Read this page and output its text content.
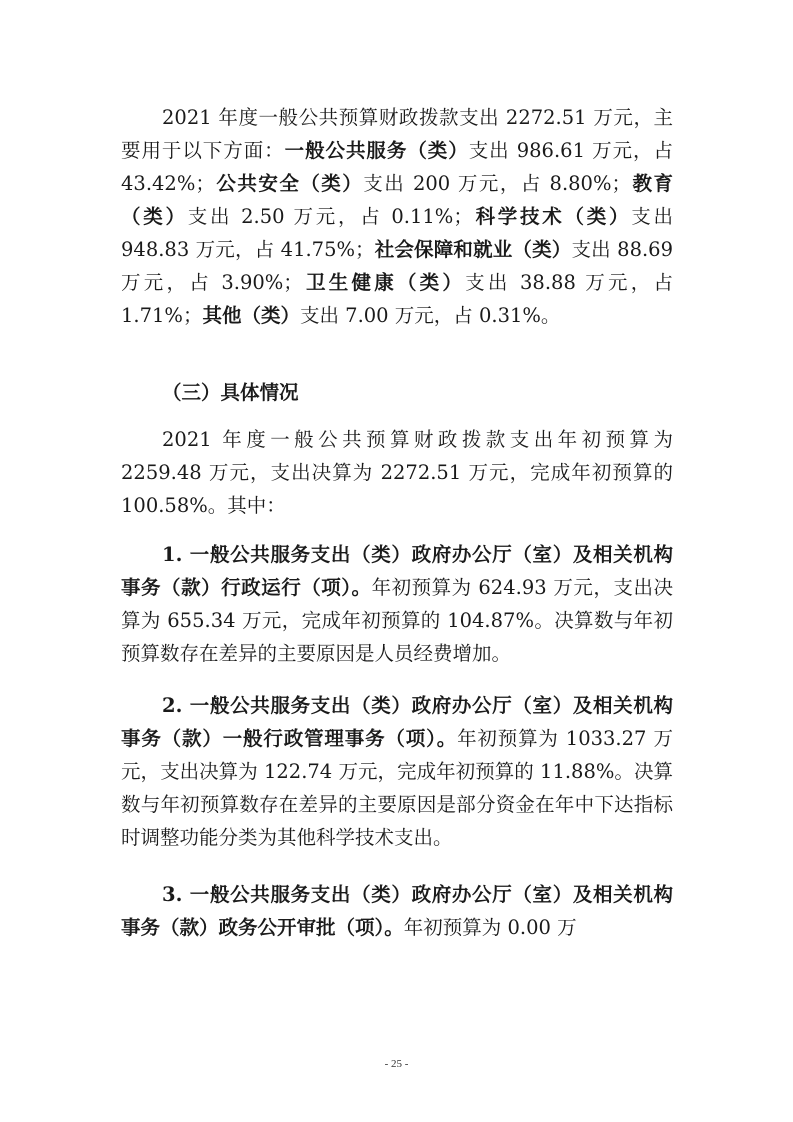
2021 年度一般公共预算财政拨款支出 2272.51 万元，主要用于以下方面：一般公共服务（类）支出 986.61 万元，占 43.42%；公共安全（类）支出 200 万元，占 8.80%；教育（类）支出 2.50 万元，占 0.11%；科学技术（类）支出 948.83 万元，占 41.75%；社会保障和就业（类）支出 88.69 万元，占 3.90%；卫生健康（类）支出 38.88 万元，占 1.71%；其他（类）支出 7.00 万元，占 0.31%。

（三）具体情况

2021 年度一般公共预算财政拨款支出年初预算为 2259.48 万元，支出决算为 2272.51 万元，完成年初预算的 100.58%。其中：

1. 一般公共服务支出（类）政府办公厅（室）及相关机构事务（款）行政运行（项）。年初预算为 624.93 万元，支出决算为 655.34 万元，完成年初预算的 104.87%。决算数与年初预算数存在差异的主要原因是人员经费增加。

2. 一般公共服务支出（类）政府办公厅（室）及相关机构事务（款）一般行政管理事务（项）。年初预算为 1033.27 万元，支出决算为 122.74 万元，完成年初预算的 11.88%。决算数与年初预算数存在差异的主要原因是部分资金在年中下达指标时调整功能分类为其他科学技术支出。

3. 一般公共服务支出（类）政府办公厅（室）及相关机构事务（款）政务公开审批（项）。年初预算为 0.00 万

- 25 -
